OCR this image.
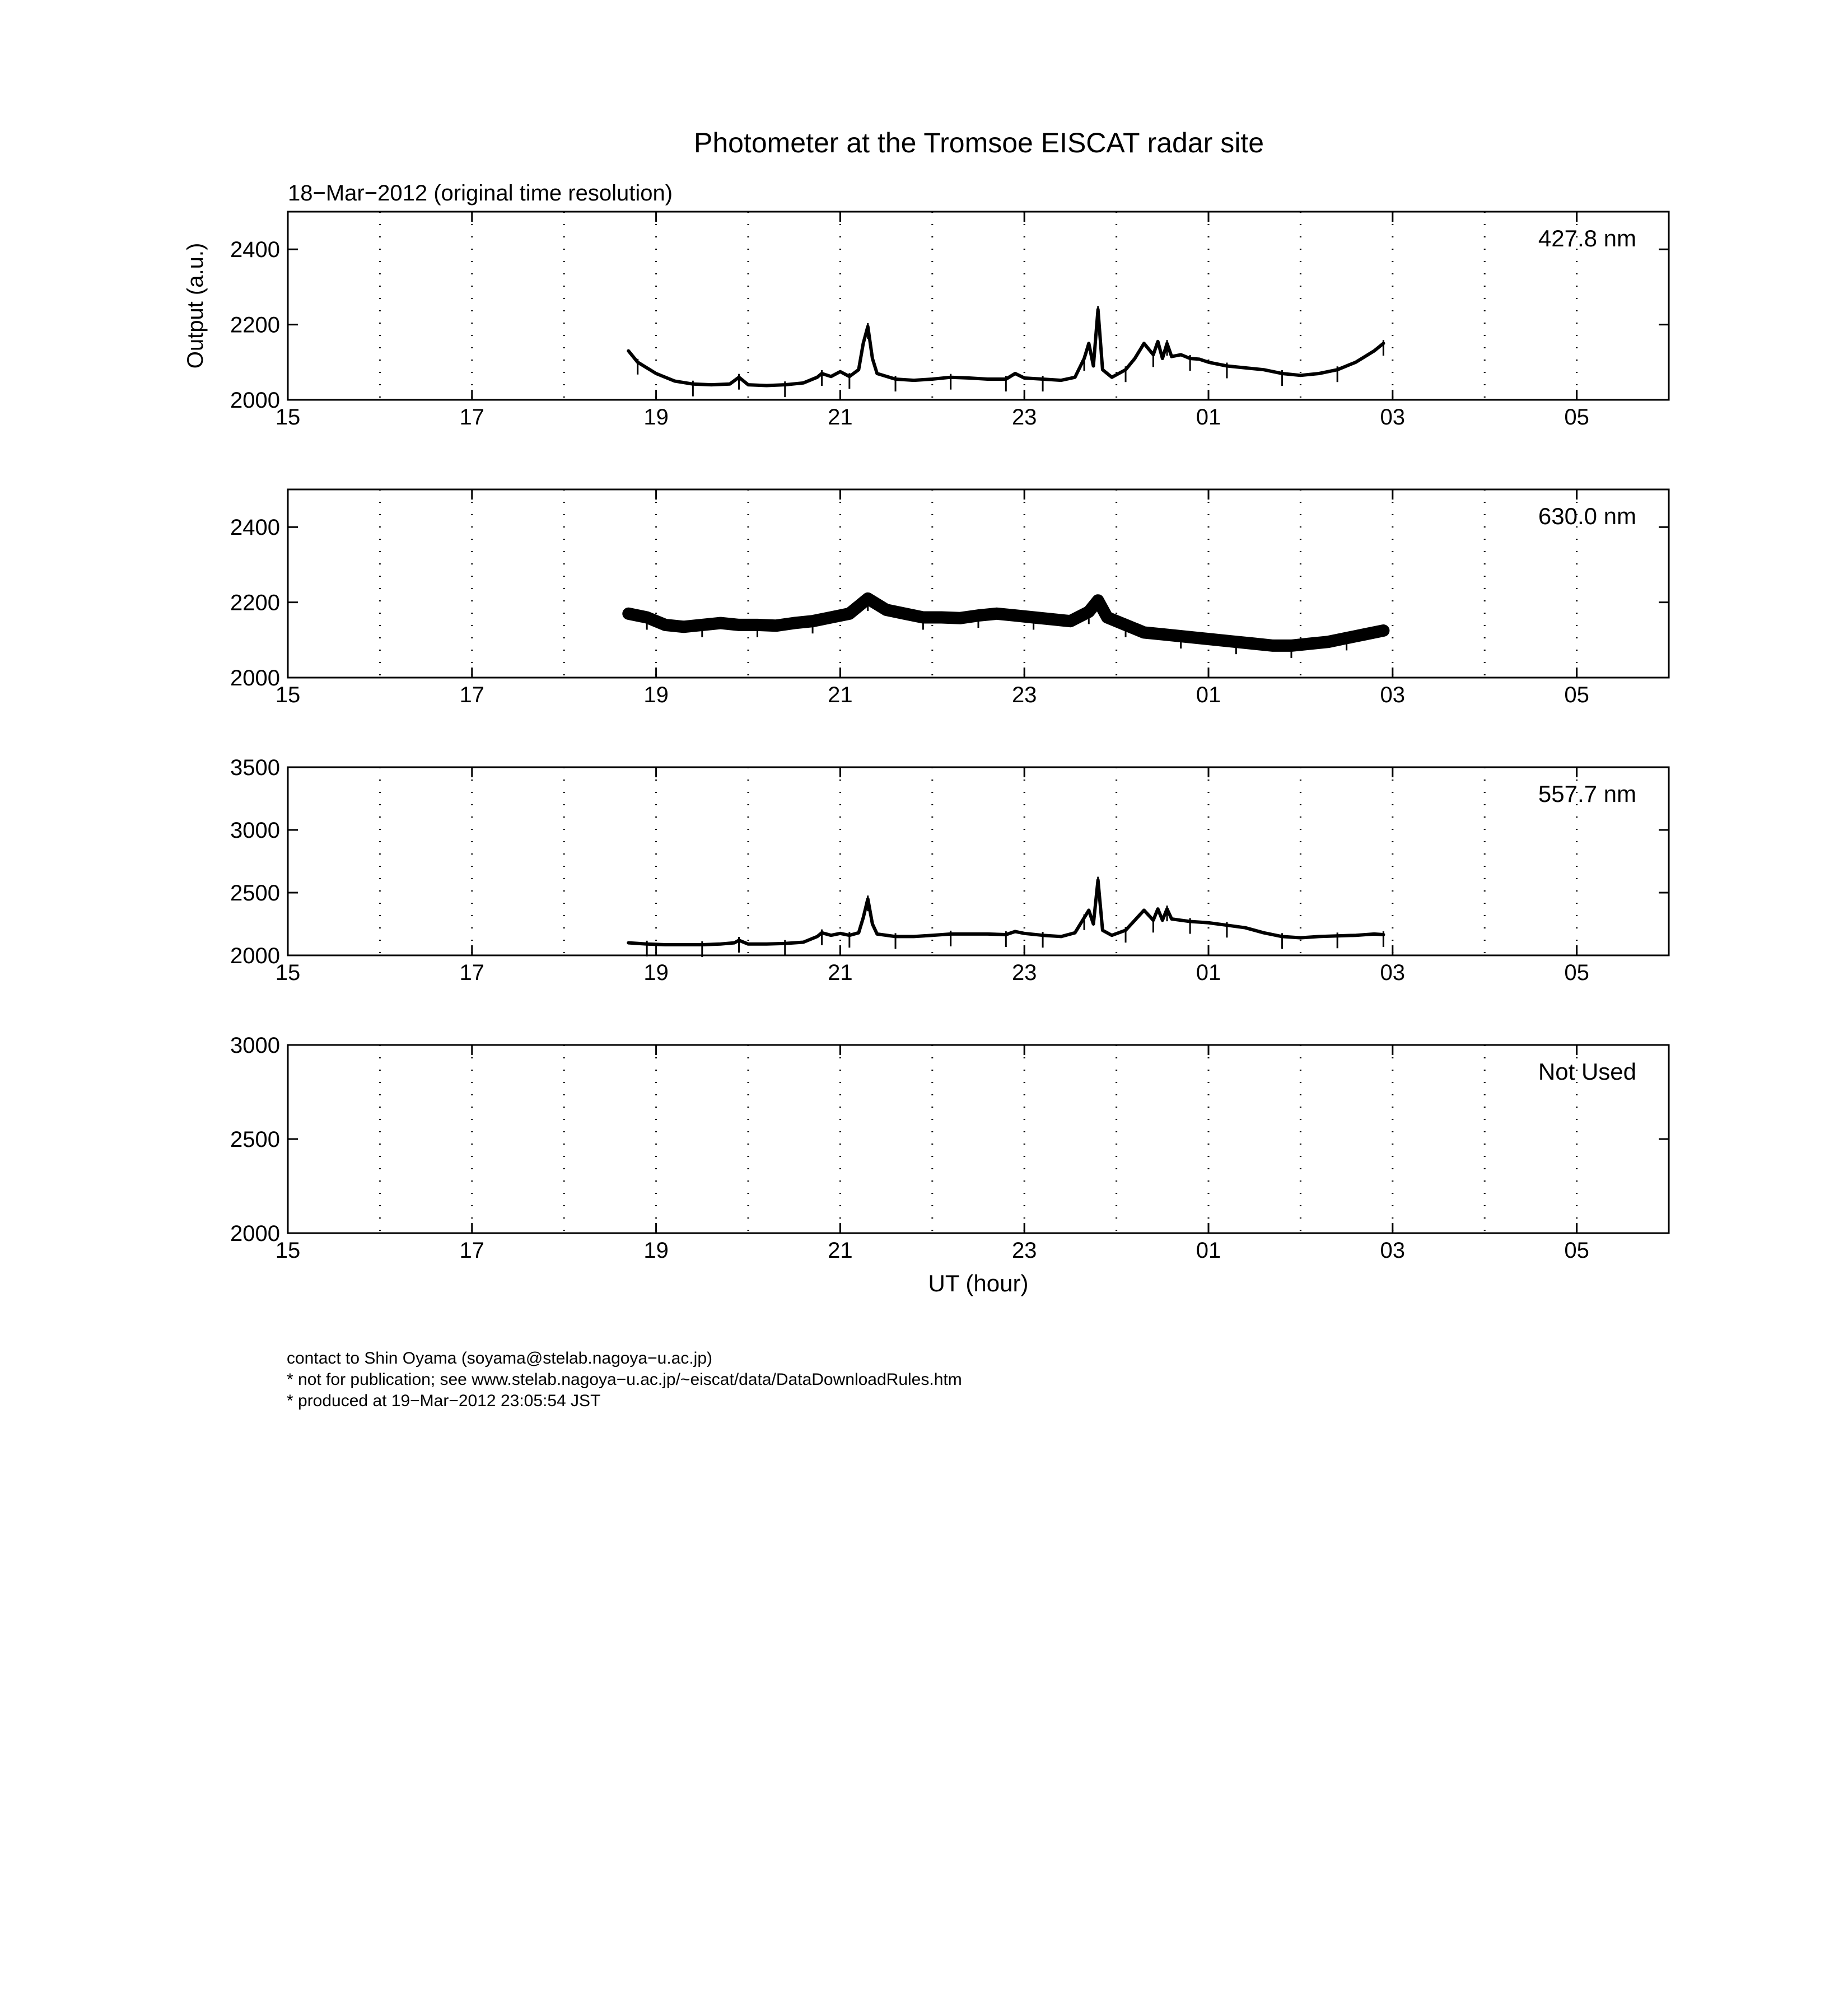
Photometer at the Tromsoe EISCAT radar site
18−Mar−2012 (original time resolution)
15	17	19	21	23	01	03	05
2000
2200
2400	427.8 nm
Output (a.u.)
15	17	19	21	23	01	03	05
2000
2200
2400	630.0 nm
15	17	19	21	23	01	03	05
2000
2500
3000
3500
557.7 nm
15	17	19	21	23	01	03	05
2000
2500
3000
Not Used
UT (hour)
contact to Shin Oyama (soyama@stelab.nagoya−u.ac.jp)
* not for publication; see www.stelab.nagoya−u.ac.jp/~eiscat/data/DataDownloadRules.htm
* produced at 19−Mar−2012 23:05:54 JST
